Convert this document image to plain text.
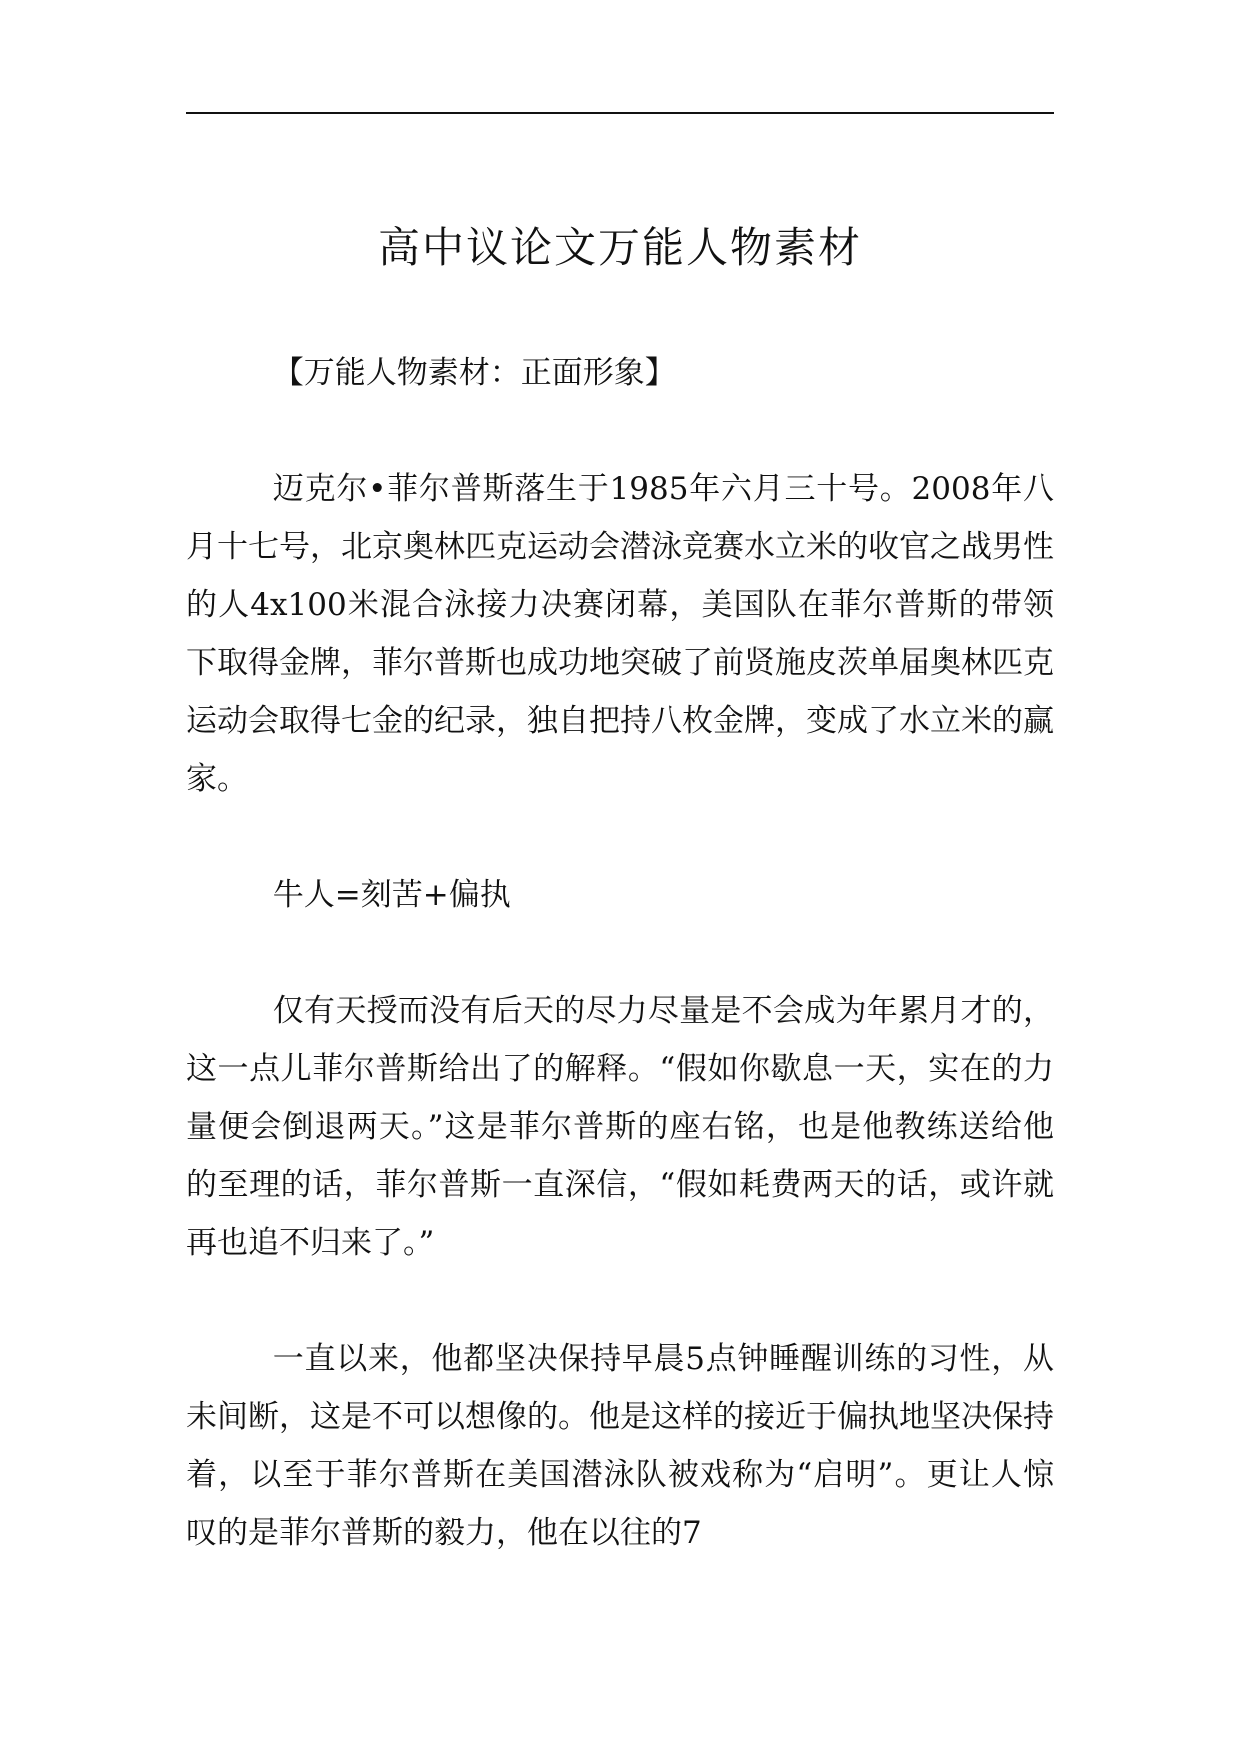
高中议论文万能人物素材

【万能人物素材：正面形象】

迈克尔•菲尔普斯落生于1985年六月三十号。2008年八月十七号，北京奥林匹克运动会潜泳竞赛水立米的收官之战男性的人4x100米混合泳接力决赛闭幕，美国队在菲尔普斯的带领下取得金牌，菲尔普斯也成功地突破了前贤施皮茨单届奥林匹克运动会取得七金的纪录，独自把持八枚金牌，变成了水立米的赢家。

牛人=刻苦+偏执

仅有天授而没有后天的尽力尽量是不会成为年累月才的，这一点儿菲尔普斯给出了的解释。“假如你歇息一天，实在的力量便会倒退两天。”这是菲尔普斯的座右铭，也是他教练送给他的至理的话，菲尔普斯一直深信，“假如耗费两天的话，或许就再也追不归来了。”

一直以来，他都坚决保持早晨5点钟睡醒训练的习性，从未间断，这是不可以想像的。他是这样的接近于偏执地坚决保持着，以至于菲尔普斯在美国潜泳队被戏称为“启明”。更让人惊叹的是菲尔普斯的毅力，他在以往的7
